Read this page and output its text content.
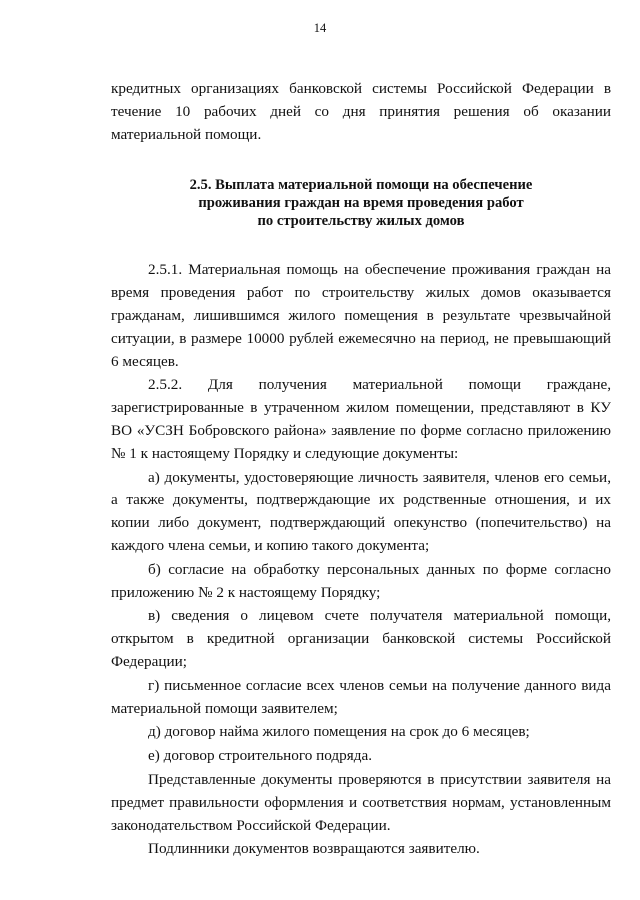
14

кредитных организациях банковской системы Российской Федерации в течение 10 рабочих дней со дня принятия решения об оказании материальной помощи.

2.5. Выплата материальной помощи на обеспечение
проживания граждан на время проведения работ
по строительству жилых домов

2.5.1. Материальная помощь на обеспечение проживания граждан на время проведения работ по строительству жилых домов оказывается гражданам, лишившимся жилого помещения в результате чрезвычайной ситуации, в размере 10000 рублей ежемесячно на период, не превышающий 6 месяцев.

2.5.2. Для получения материальной помощи граждане, зарегистрированные в утраченном жилом помещении, представляют в КУ ВО «УСЗН Бобровского района» заявление по форме согласно приложению № 1 к настоящему Порядку и следующие документы:

а) документы, удостоверяющие личность заявителя, членов его семьи, а также документы, подтверждающие их родственные отношения, и их копии либо документ, подтверждающий опекунство (попечительство) на каждого члена семьи, и копию такого документа;

б) согласие на обработку персональных данных по форме согласно приложению № 2 к настоящему Порядку;

в) сведения о лицевом счете получателя материальной помощи, открытом в кредитной организации банковской системы Российской Федерации;

г) письменное согласие всех членов семьи на получение данного вида материальной помощи заявителем;

д) договор найма жилого помещения на срок до 6 месяцев;

е) договор строительного подряда.

Представленные документы проверяются в присутствии заявителя на предмет правильности оформления и соответствия нормам, установленным законодательством Российской Федерации.

Подлинники документов возвращаются заявителю.
